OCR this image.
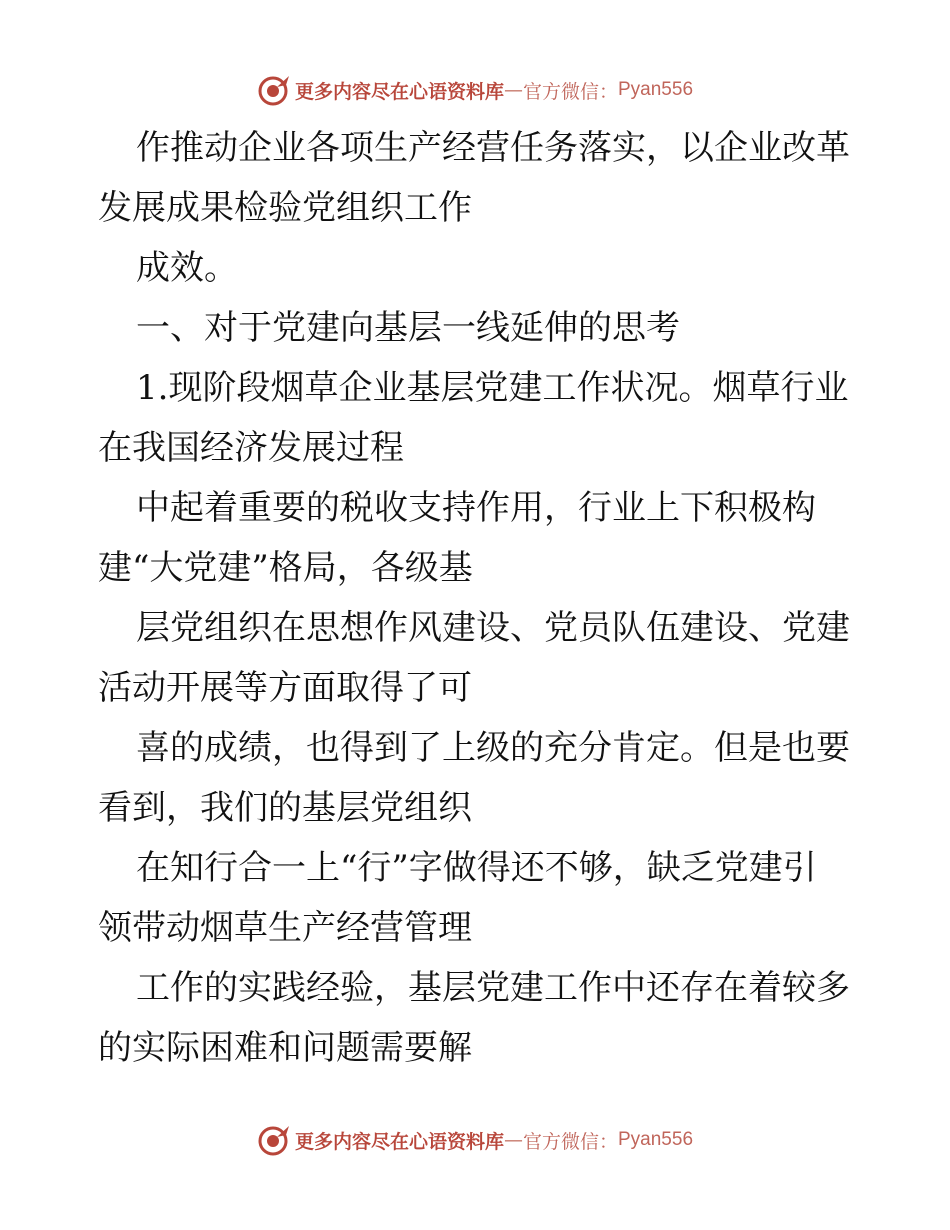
更多内容尽在心语资料库 — 官方微信： Pyan556
作推动企业各项生产经营任务落实，以企业改革
发展成果检验党组织工作
成效。
一、对于党建向基层一线延伸的思考
1.现阶段烟草企业基层党建工作状况。烟草行业
在我国经济发展过程
中起着重要的税收支持作用，行业上下积极构
建“大党建”格局，各级基
层党组织在思想作风建设、党员队伍建设、党建
活动开展等方面取得了可
喜的成绩，也得到了上级的充分肯定。但是也要
看到，我们的基层党组织
在知行合一上“行”字做得还不够，缺乏党建引
领带动烟草生产经营管理
工作的实践经验，基层党建工作中还存在着较多
的实际困难和问题需要解
更多内容尽在心语资料库 — 官方微信： Pyan556
